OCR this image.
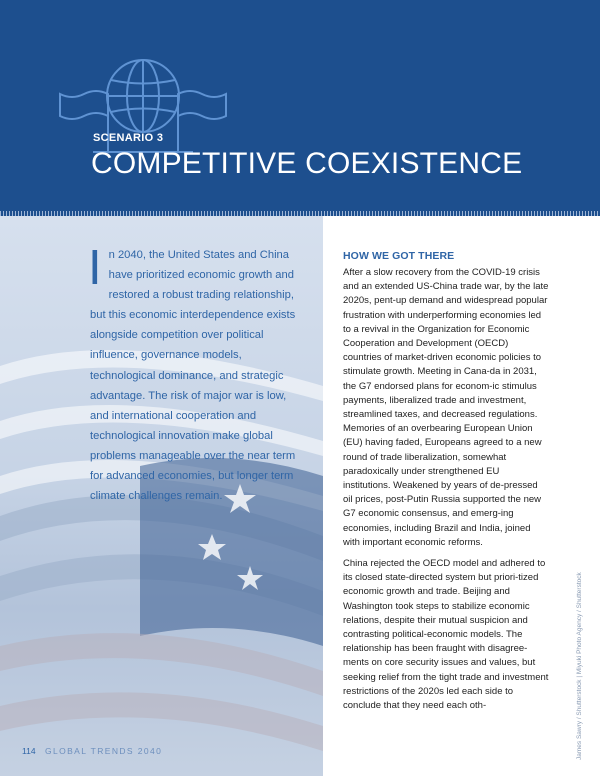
SCENARIO 3
COMPETITIVE COEXISTENCE
In 2040, the United States and China have prioritized economic growth and restored a robust trading relationship, but this economic interdependence exists alongside competition over political influence, governance models, technological dominance, and strategic advantage. The risk of major war is low, and international cooperation and technological innovation make global problems manageable over the near term for advanced economies, but longer term climate challenges remain.
HOW WE GOT THERE

After a slow recovery from the COVID-19 crisis and an extended US-China trade war, by the late 2020s, pent-up demand and widespread popular frustration with underperforming economies led to a revival in the Organization for Economic Cooperation and Development (OECD) countries of market-driven economic policies to stimulate growth. Meeting in Cana-da in 2031, the G7 endorsed plans for econom-ic stimulus payments, liberalized trade and investment, streamlined taxes, and decreased regulations. Memories of an overbearing European Union (EU) having faded, Europeans agreed to a new round of trade liberalization, somewhat paradoxically under strengthened EU institutions. Weakened by years of de-pressed oil prices, post-Putin Russia supported the new G7 economic consensus, and emerg-ing economies, including Brazil and India, joined with important economic reforms.

China rejected the OECD model and adhered to its closed state-directed system but priori-tized economic growth and trade. Beijing and Washington took steps to stabilize economic relations, despite their mutual suspicion and contrasting political-economic models. The relationship has been fraught with disagree-ments on core security issues and values, but seeking relief from the tight trade and investment restrictions of the 2020s led each side to conclude that they need each oth-	James Sawry / Shutterstock | Miyuki Photo Agency / Shutterstock
114 GLOBAL TRENDS 2040
